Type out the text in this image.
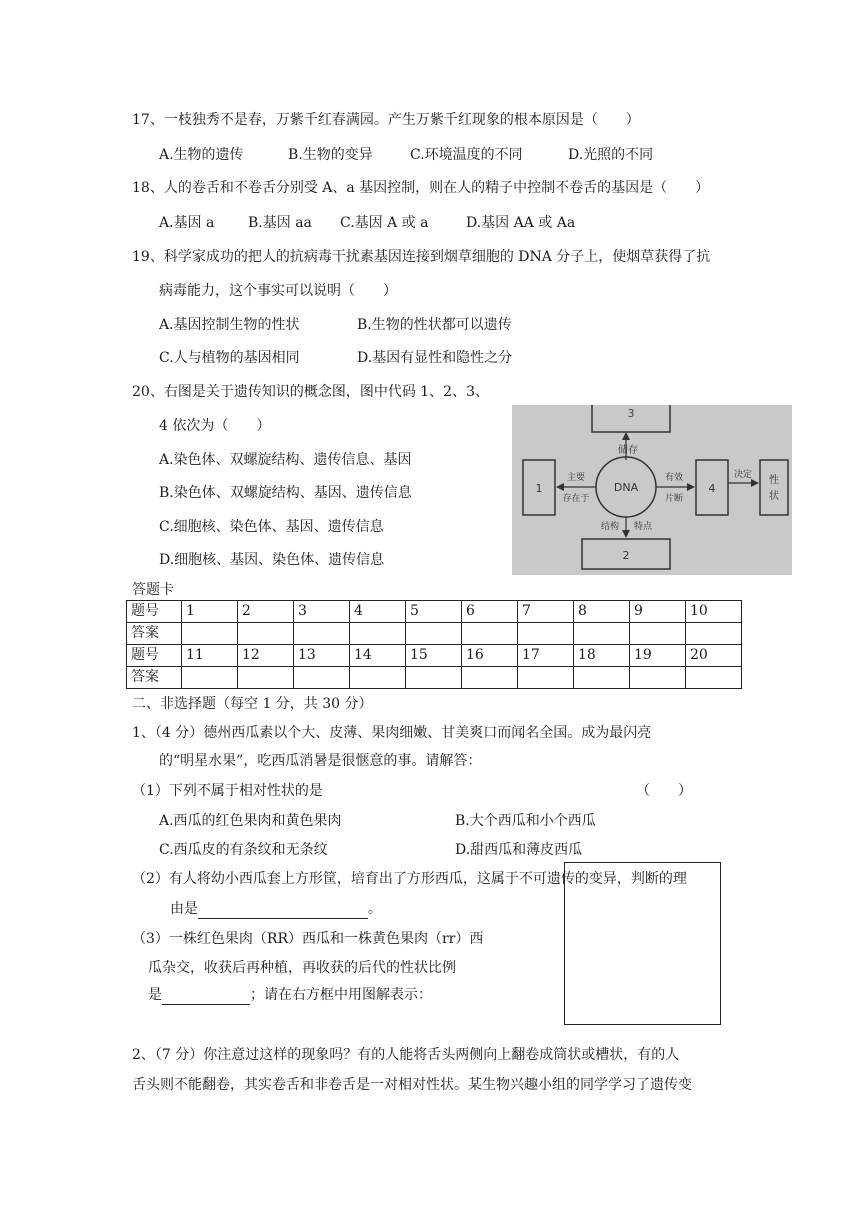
17、一枝独秀不是春，万紫千红春满园。产生万紫千红现象的根本原因是（　　）
A.生物的遗传	B.生物的变异	C.环境温度的不同	D.光照的不同
18、人的卷舌和不卷舌分别受 A、a 基因控制，则在人的精子中控制不卷舌的基因是（　　）
A.基因 a B.基因 aa C.基因 A 或 a	D.基因 AA 或 Aa
19、科学家成功的把人的抗病毒干扰素基因连接到烟草细胞的 DNA 分子上，使烟草获得了抗
病毒能力，这个事实可以说明（　　）
A.基因控制生物的性状	B.生物的性状都可以遗传
C.人与植物的基因相同	D.基因有显性和隐性之分
20、右图是关于遗传知识的概念图，图中代码 1、2、3、
4 依次为（　　）
A.染色体、双螺旋结构、遗传信息、基因
B.染色体、双螺旋结构、基因、遗传信息
C.细胞核、染色体、基因、遗传信息
D.细胞核、基因、染色体、遗传信息
3
储存
1
主要
存在于
DNA
有效
片断
4
决定 性
状
结构 特点
2
答题卡
题号	1	2	3	4	5	6	7	8	9	10
答案										
题号	11	12	13	14	15	16	17	18	19	20
答案										
二、非选择题（每空 1 分，共 30 分）
1、（4 分）德州西瓜素以个大、皮薄、果肉细嫩、甘美爽口而闻名全国。成为最闪亮
的“明星水果”，吃西瓜消暑是很惬意的事。请解答：
（1）下列不属于相对性状的是	（　　）
A.西瓜的红色果肉和黄色果肉	B.大个西瓜和小个西瓜
C.西瓜皮的有条纹和无条纹	D.甜西瓜和薄皮西瓜
（2）有人将幼小西瓜套上方形筐，培育出了方形西瓜，这属于不可遗传的变异，判断的理
由是	。
（3）一株红色果肉（RR）西瓜和一株黄色果肉（rr）西
瓜杂交，收获后再种植，再收获的后代的性状比例
是	；请在右方框中用图解表示：
2、（7 分）你注意过这样的现象吗？有的人能将舌头两侧向上翻卷成筒状或槽状，有的人
舌头则不能翻卷，其实卷舌和非卷舌是一对相对性状。某生物兴趣小组的同学学习了遗传变
